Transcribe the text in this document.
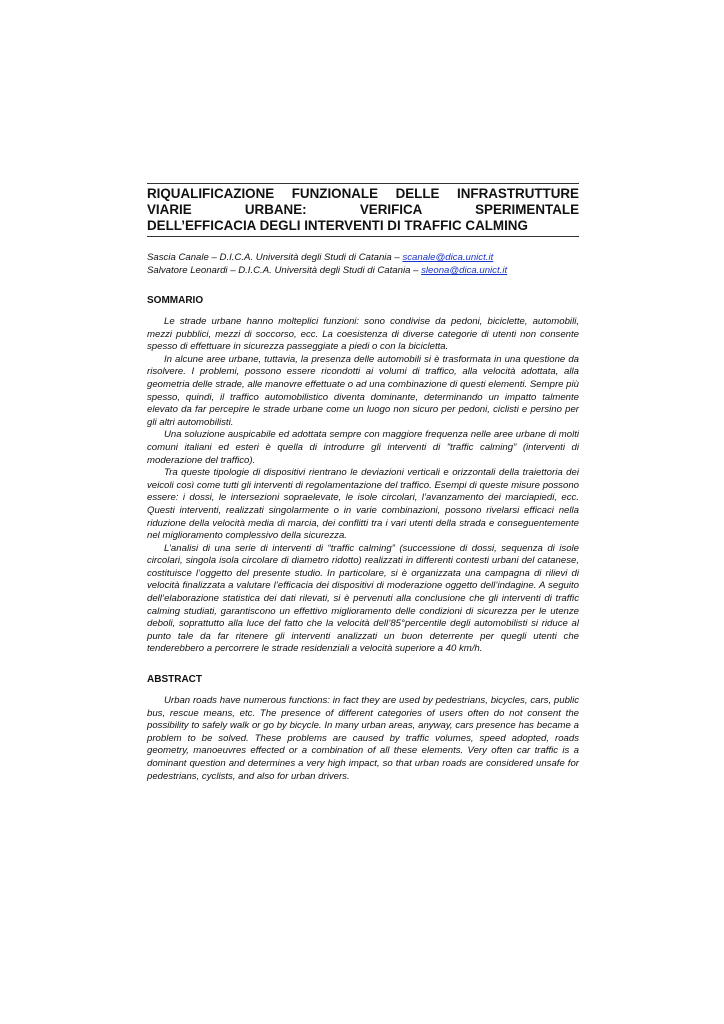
RIQUALIFICAZIONE FUNZIONALE DELLE INFRASTRUTTURE
VIARIE URBANE: VERIFICA SPERIMENTALE
DELL’EFFICACIA DEGLI INTERVENTI DI TRAFFIC CALMING
Sascia Canale – D.I.C.A. Università degli Studi di Catania – scanale@dica.unict.it
Salvatore Leonardi – D.I.C.A. Università degli Studi di Catania – sleona@dica.unict.it
SOMMARIO

Le strade urbane hanno molteplici funzioni: sono condivise da pedoni, biciclette, automobili, mezzi pubblici, mezzi di soccorso, ecc. La coesistenza di diverse categorie di utenti non consente spesso di effettuare in sicurezza passeggiate a piedi o con la bicicletta.

In alcune aree urbane, tuttavia, la presenza delle automobili si è trasformata in una questione da risolvere. I problemi, possono essere ricondotti ai volumi di traffico, alla velocità adottata, alla geometria delle strade, alle manovre effettuate o ad una combinazione di questi elementi. Sempre più spesso, quindi, il traffico automobilistico diventa dominante, determinando un impatto talmente elevato da far percepire le strade urbane come un luogo non sicuro per pedoni, ciclisti e persino per gli altri automobilisti.

Una soluzione auspicabile ed adottata sempre con maggiore frequenza nelle aree urbane di molti comuni italiani ed esteri è quella di introdurre gli interventi di ”traffic calming” (interventi di moderazione del traffico).

Tra queste tipologie di dispositivi rientrano le deviazioni verticali e orizzontali della traiettoria dei veicoli così come tutti gli interventi di regolamentazione del traffico. Esempi di queste misure possono essere: i dossi, le intersezioni sopraelevate, le isole circolari, l’avanzamento dei marciapiedi, ecc. Questi interventi, realizzati singolarmente o in varie combinazioni, possono rivelarsi efficaci nella riduzione della velocità media di marcia, dei conflitti tra i vari utenti della strada e conseguentemente nel miglioramento complessivo della sicurezza.

L’analisi di una serie di interventi di “traffic calming” (successione di dossi, sequenza di isole circolari, singola isola circolare di diametro ridotto) realizzati in differenti contesti urbani del catanese, costituisce l’oggetto del presente studio. In particolare, si è organizzata una campagna di rilievi di velocità finalizzata a valutare l’efficacia dei dispositivi di moderazione oggetto dell’indagine. A seguito dell’elaborazione statistica dei dati rilevati, si è pervenuti alla conclusione che gli interventi di traffic calming studiati, garantiscono un effettivo miglioramento delle condizioni di sicurezza per le utenze deboli, soprattutto alla luce del fatto che la velocità dell’85°percentile degli automobilisti si riduce al punto tale da far ritenere gli interventi analizzati un buon deterrente per quegli utenti che tenderebbero a percorrere le strade residenziali a velocità superiore a 40 km/h.

ABSTRACT

Urban roads have numerous functions: in fact they are used by pedestrians, bicycles, cars, public bus, rescue means, etc. The presence of different categories of users often do not consent the possibility to safely walk or go by bicycle. In many urban areas, anyway, cars presence has became a problem to be solved. These problems are caused by traffic volumes, speed adopted, roads geometry, manoeuvres effected or a combination of all these elements. Very often car traffic is a dominant question and determines a very high impact, so that urban roads are considered unsafe for pedestrians, cyclists, and also for urban drivers.
